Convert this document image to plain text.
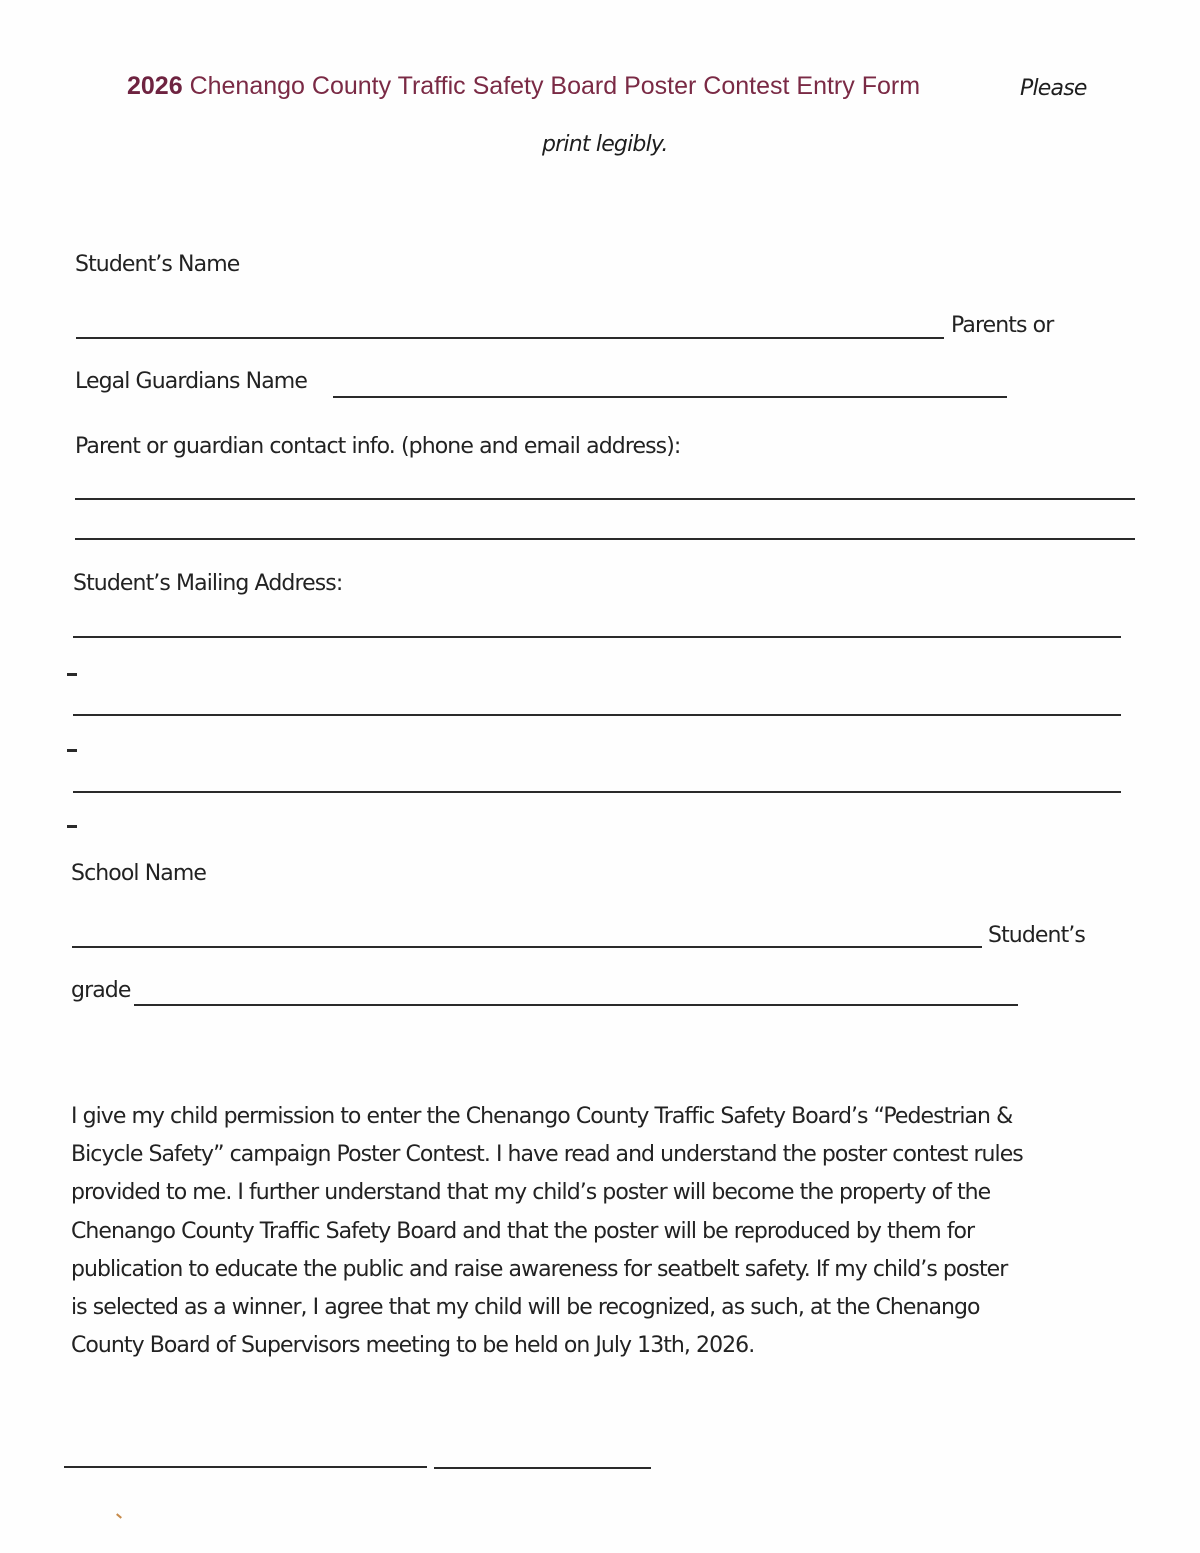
2026 Chenango County Traffic Safety Board Poster Contest Entry Form	Please
print legibly.
Student’s Name
Parents or
Legal Guardians Name
Parent or guardian contact info. (phone and email address):
Student’s Mailing Address:
School Name
Student’s
grade
I give my child permission to enter the Chenango County Traffic Safety Board’s “Pedestrian &
Bicycle Safety” campaign Poster Contest. I have read and understand the poster contest rules
provided to me. I further understand that my child’s poster will become the property of the
Chenango County Traffic Safety Board and that the poster will be reproduced by them for
publication to educate the public and raise awareness for seatbelt safety. If my child’s poster
is selected as a winner, I agree that my child will be recognized, as such, at the Chenango
County Board of Supervisors meeting to be held on July 13th, 2026.
